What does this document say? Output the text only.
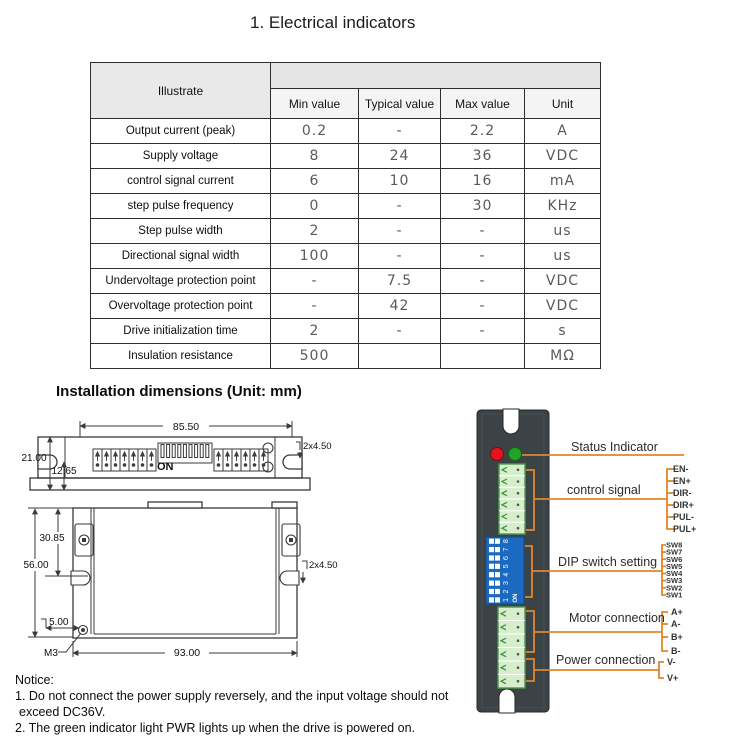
1. Electrical indicators
Illustrate				
	Min value	Typical value	Max value	Unit
Output current (peak)	0.2	-	2.2	A
Supply voltage	8	24	36	VDC
control signal current	6	10	16	mA
step pulse frequency	0	-	30	KHz
Step pulse width	2	-	-	us
Directional signal width	100	-	-	us
Undervoltage protection point	-	7.5	-	VDC
Overvoltage protection point	-	42	-	VDC
Drive initialization time	2	-	-	s
Insulation resistance	500			MΩ
Installation dimensions (Unit: mm)
ON
85.50
21.00
12.65
2x4.50
56.00
30.85
2x4.50
5.00
M3	93.00
8
7
6
5
4
3
2
1 ON
Status Indicator
control signal
DIP switch setting
Motor connection
Power connection
EN-
EN+
DIR-
DIR+
PUL-
PUL+
SW8
SW7
SW6
SW5
SW4
SW3
SW2
SW1
A+
A-
B+
B-
V-
V+
Notice:
1. Do not connect the power supply reversely, and the input voltage should not
exceed DC36V.
2. The green indicator light PWR lights up when the drive is powered on.
